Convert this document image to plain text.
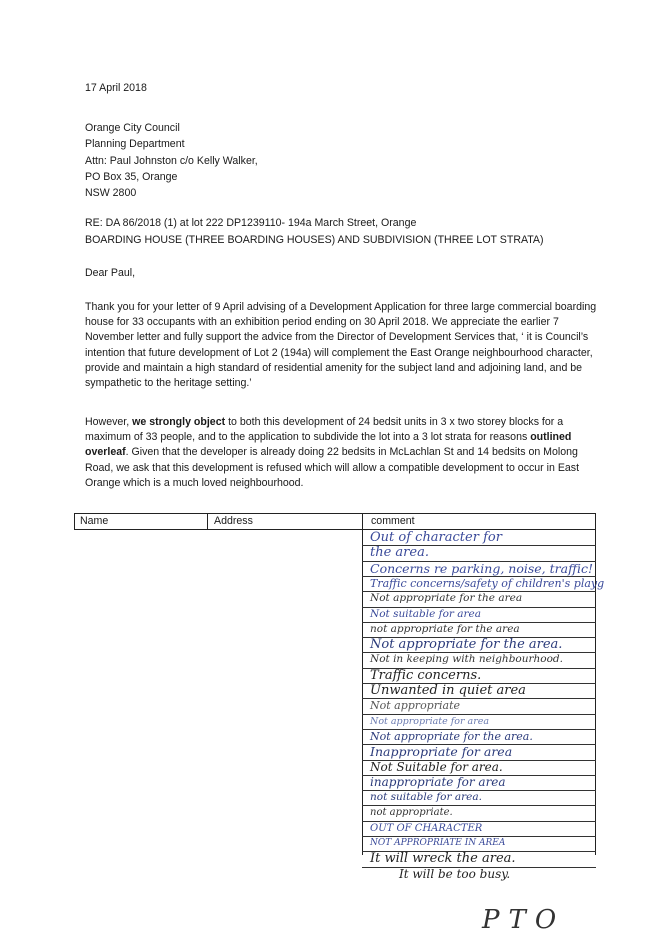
17 April 2018

Orange City Council
Planning Department
Attn: Paul Johnston c/o Kelly Walker,
PO Box 35, Orange
NSW 2800
RE: DA 86/2018 (1) at lot 222 DP1239110- 194a March Street, Orange
BOARDING HOUSE (THREE BOARDING HOUSES) AND SUBDIVISION (THREE LOT STRATA)

Dear Paul,

Thank you for your letter of 9 April advising of a Development Application for three large commercial boarding
house for 33 occupants with an exhibition period ending on 30 April 2018. We appreciate the earlier 7
November letter and fully support the advice from the Director of Development Services that, ‘ it is Council’s
intention that future development of Lot 2 (194a) will complement the East Orange neighbourhood character,
provide and maintain a high standard of residential amenity for the subject land and adjoining land, and be
sympathetic to the heritage setting.’

However, we strongly object to both this development of 24 bedsit units in 3 x two storey blocks for a
maximum of 33 people, and to the application to subdivide the lot into a 3 lot strata for reasons outlined
overleaf. Given that the developer is already doing 22 bedsits in McLachlan St and 14 bedsits on Molong
Road, we ask that this development is refused which will allow a compatible development to occur in East
Orange which is a much loved neighbourhood.

Name	Address	comment
Out of character for
the area.
Concerns re parking, noise, traffic!
Traffic concerns/safety of children's playg
Not appropriate for the area
Not suitable for area
not appropriate for the area
Not appropriate for the area.
Not in keeping with neighbourhood.
Traffic concerns.
Unwanted in quiet area
Not appropriate
Not appropriate for area
Not appropriate for the area.
Inappropriate for area
Not Suitable for area.
inappropriate for area
not suitable for area.
not appropriate.
OUT OF CHARACTER
NOT APPROPRIATE IN AREA
It will wreck the area.
It will be too busy.
PTO
